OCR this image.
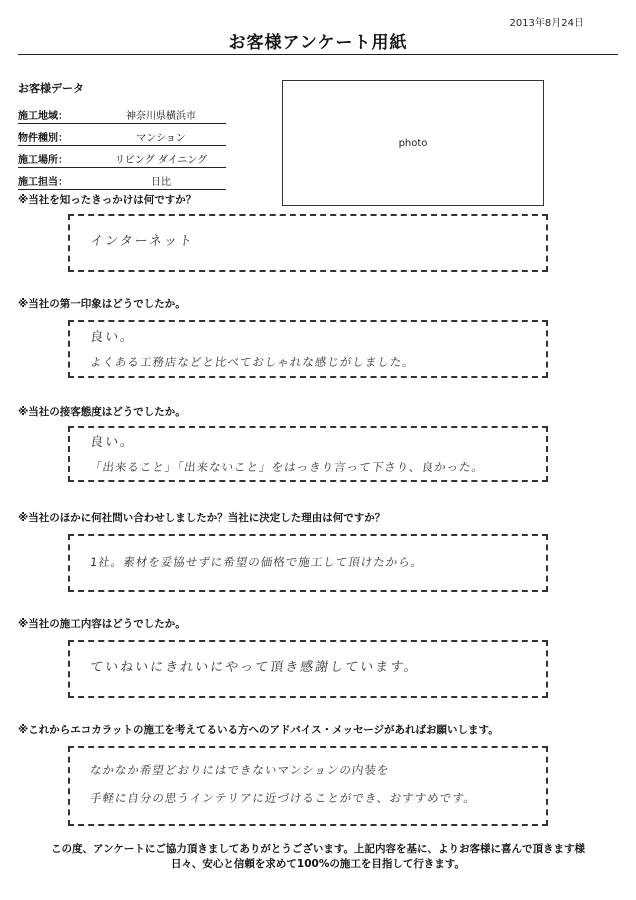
2013年8月24日
お客様アンケート用紙
お客様データ
施工地域：	神奈川県横浜市
物件種別：	マンション
施工場所：	リビング ダイニング
施工担当：	日比
photo
※当社を知ったきっかけは何ですか？
インターネット
※当社の第一印象はどうでしたか。
良い。
よくある工務店などと比べておしゃれな感じがしました。
※当社の接客態度はどうでしたか。
良い。
「出来ること」「出来ないこと」をはっきり言って下さり、良かった。
※当社のほかに何社問い合わせしましたか？当社に決定した理由は何ですか？
1社。素材を妥協せずに希望の価格で施工して頂けたから。
※当社の施工内容はどうでしたか。
ていねいにきれいにやって頂き感謝しています。
※これからエコカラットの施工を考えてるいる方へのアドバイス・メッセージがあればお願いします。
なかなか希望どおりにはできないマンションの内装を
手軽に自分の思うインテリアに近づけることができ、おすすめです。
この度、アンケートにご協力頂きましてありがとうございます。上記内容を基に、よりお客様に喜んで頂きます様
日々、安心と信頼を求めて100%の施工を目指して行きます。
